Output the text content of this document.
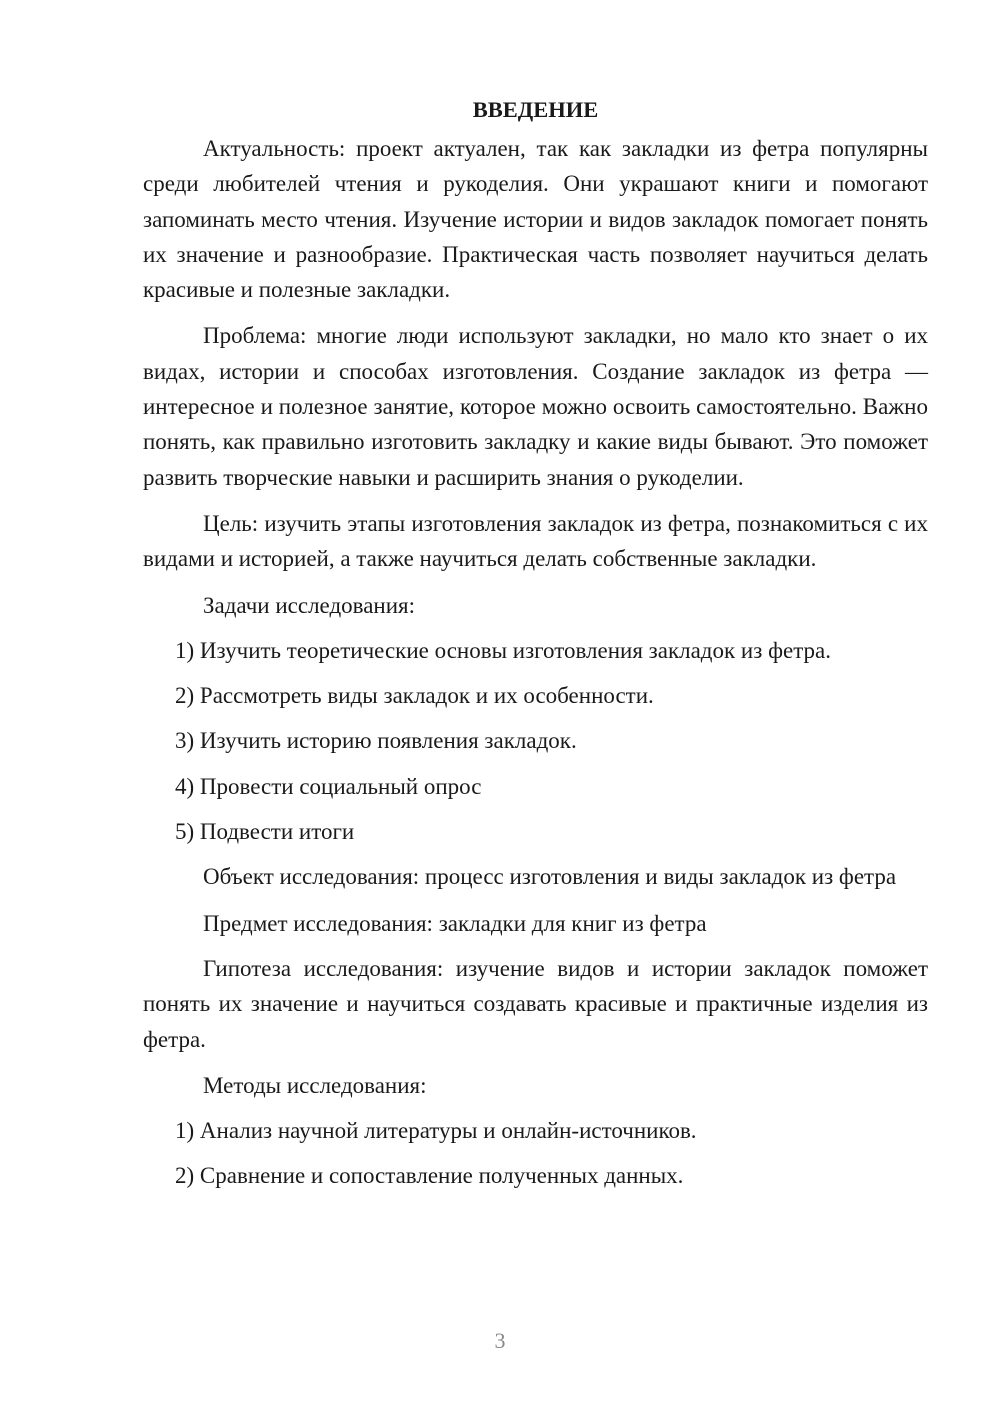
ВВЕДЕНИЕ

Актуальность: проект актуален, так как закладки из фетра популярны среди любителей чтения и рукоделия. Они украшают книги и помогают запоминать место чтения. Изучение истории и видов закладок помогает понять их значение и разнообразие. Практическая часть позволяет научиться делать красивые и полезные закладки.

Проблема: многие люди используют закладки, но мало кто знает о их видах, истории и способах изготовления. Создание закладок из фетра — интересное и полезное занятие, которое можно освоить самостоятельно. Важно понять, как правильно изготовить закладку и какие виды бывают. Это поможет развить творческие навыки и расширить знания о рукоделии.

Цель: изучить этапы изготовления закладок из фетра, познакомиться с их видами и историей, а также научиться делать собственные закладки.

Задачи исследования:

1) Изучить теоретические основы изготовления закладок из фетра.
2) Рассмотреть виды закладок и их особенности.
3) Изучить историю появления закладок.
4) Провести социальный опрос
5) Подвести итоги

Объект исследования: процесс изготовления и виды закладок из фетра

Предмет исследования: закладки для книг из фетра

Гипотеза исследования: изучение видов и истории закладок поможет понять их значение и научиться создавать красивые и практичные изделия из фетра.

Методы исследования:

1) Анализ научной литературы и онлайн-источников.
2) Сравнение и сопоставление полученных данных.
3
